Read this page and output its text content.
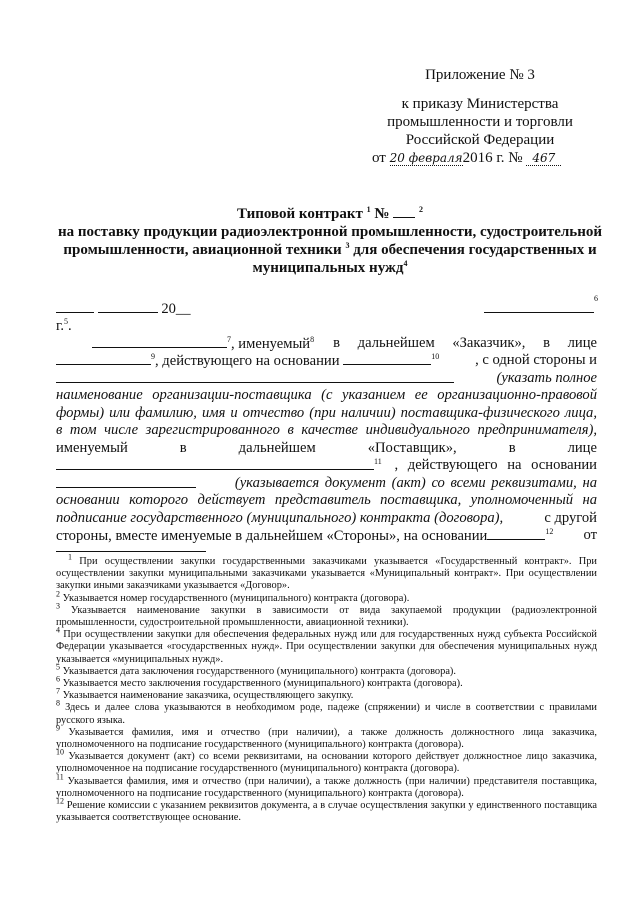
Приложение № 3
к приказу Министерства
промышленности и торговли
Российской Федерации
от 20 февраля2016 г. № 467
Типовой контракт $^1$ №	$^2$
на поставку продукции радиоэлектронной промышленности, судостроительной
промышленности, авиационной техники $^3$ для обеспечения государственных и
муниципальных нужд$^4$
20__ г.$^5$.
$^6$
$^7$, именуемый$^8$ в дальнейшем «Заказчик», в лице
$^9$, действующего на основании	$^{10}$ , с одной стороны и
(указать полное
наименование организации-поставщика (с указанием ее организационно-правовой
формы) или фамилию, имя и отчество (при наличии) поставщика-физического лица,
в том числе зарегистрированного в качестве индивидуального предпринимателя),
именуемый	в	дальнейшем	«Поставщик»,	в	лице
$^{11}$ , действующего на основании
(указывается документ (акт) со всеми реквизитами, на
основании которого действует представитель поставщика, уполномоченный на
подписание государственного (муниципального) контракта (договора),	с другой
стороны, вместе именуемые в дальнейшем «Стороны», на основании	$^{12}$ от
$^1$ При осуществлении закупки государственными заказчиками указывается «Государственный контракт». При осуществлении закупки муниципальными заказчиками указывается «Муниципальный контракт». При осуществлении закупки иными заказчиками указывается «Договор».
$^2$ Указывается номер государственного (муниципального) контракта (договора).
$^3$ Указывается наименование закупки в зависимости от вида закупаемой продукции (радиоэлектронной промышленности, судостроительной промышленности, авиационной техники).
$^4$ При осуществлении закупки для обеспечения федеральных нужд или для государственных нужд субъекта Российской Федерации указывается «государственных нужд». При осуществлении закупки для обеспечения муниципальных нужд указывается «муниципальных нужд».
$^5$ Указывается дата заключения государственного (муниципального) контракта (договора).
$^6$ Указывается место заключения государственного (муниципального) контракта (договора).
$^7$ Указывается наименование заказчика, осуществляющего закупку.
$^8$ Здесь и далее слова указываются в необходимом роде, падеже (спряжении) и числе в соответствии с правилами русского языка.
$^9$ Указывается фамилия, имя и отчество (при наличии), а также должность должностного лица заказчика, уполномоченного на подписание государственного (муниципального) контракта (договора).
$^{10}$ Указывается документ (акт) со всеми реквизитами, на основании которого действует должностное лицо заказчика, уполномоченное на подписание государственного (муниципального) контракта (договора).
$^{11}$ Указывается фамилия, имя и отчество (при наличии), а также должность (при наличии) представителя поставщика, уполномоченного на подписание государственного (муниципального) контракта (договора).
$^{12}$ Решение комиссии с указанием реквизитов документа, а в случае осуществления закупки у единственного поставщика указывается соответствующее основание.
